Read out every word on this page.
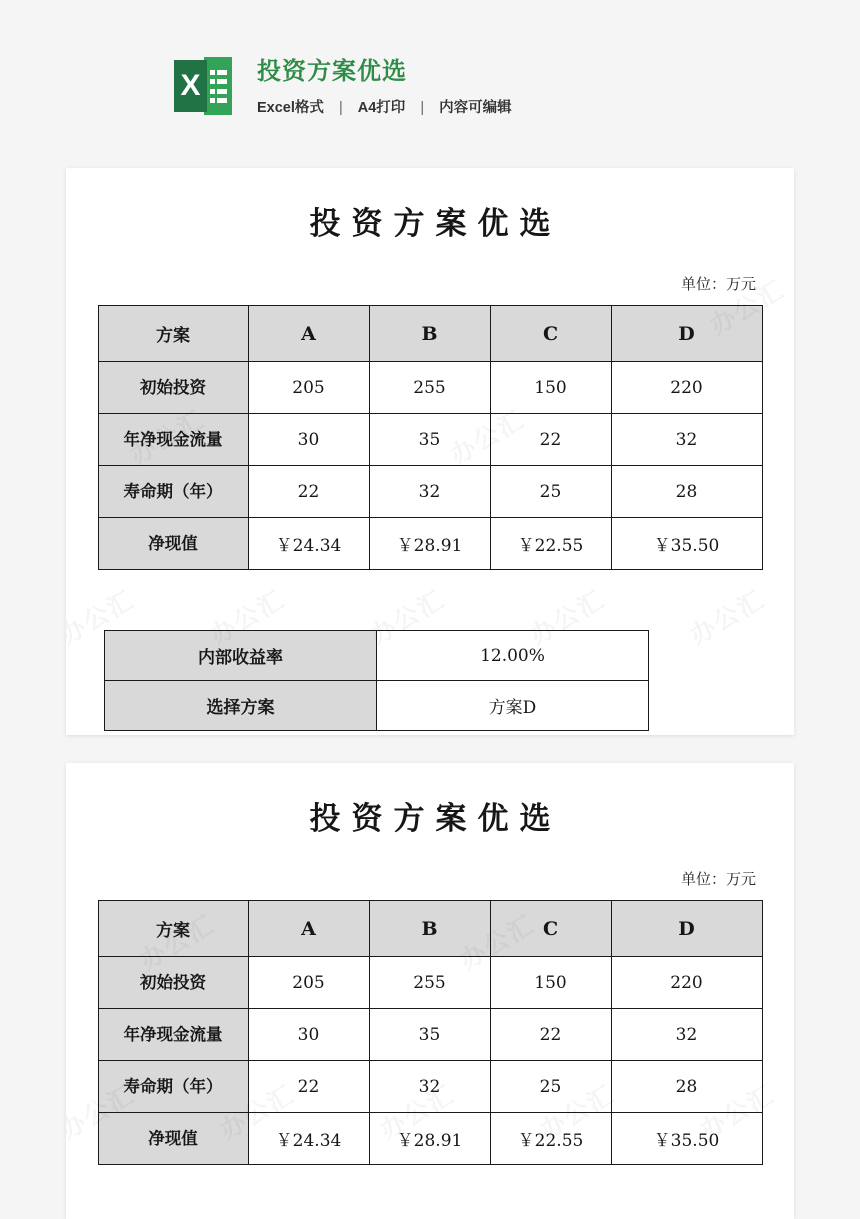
X 投资方案优选
Excel格式 | A4打印 | 内容可编辑
投资方案优选
单位：万元
方案	A	B	C	D
初始投资	205	255	150	220
年净现金流量	30	35	22	32
寿命期（年）	22	32	25	28
净现值	￥24.34	￥28.91	￥22.55	￥35.50
内部收益率	12.00%
选择方案	方案D
投资方案优选
单位：万元
方案	A	B	C	D
初始投资	205	255	150	220
年净现金流量	30	35	22	32
寿命期（年）	22	32	25	28
净现值	￥24.34	￥28.91	￥22.55	￥35.50
